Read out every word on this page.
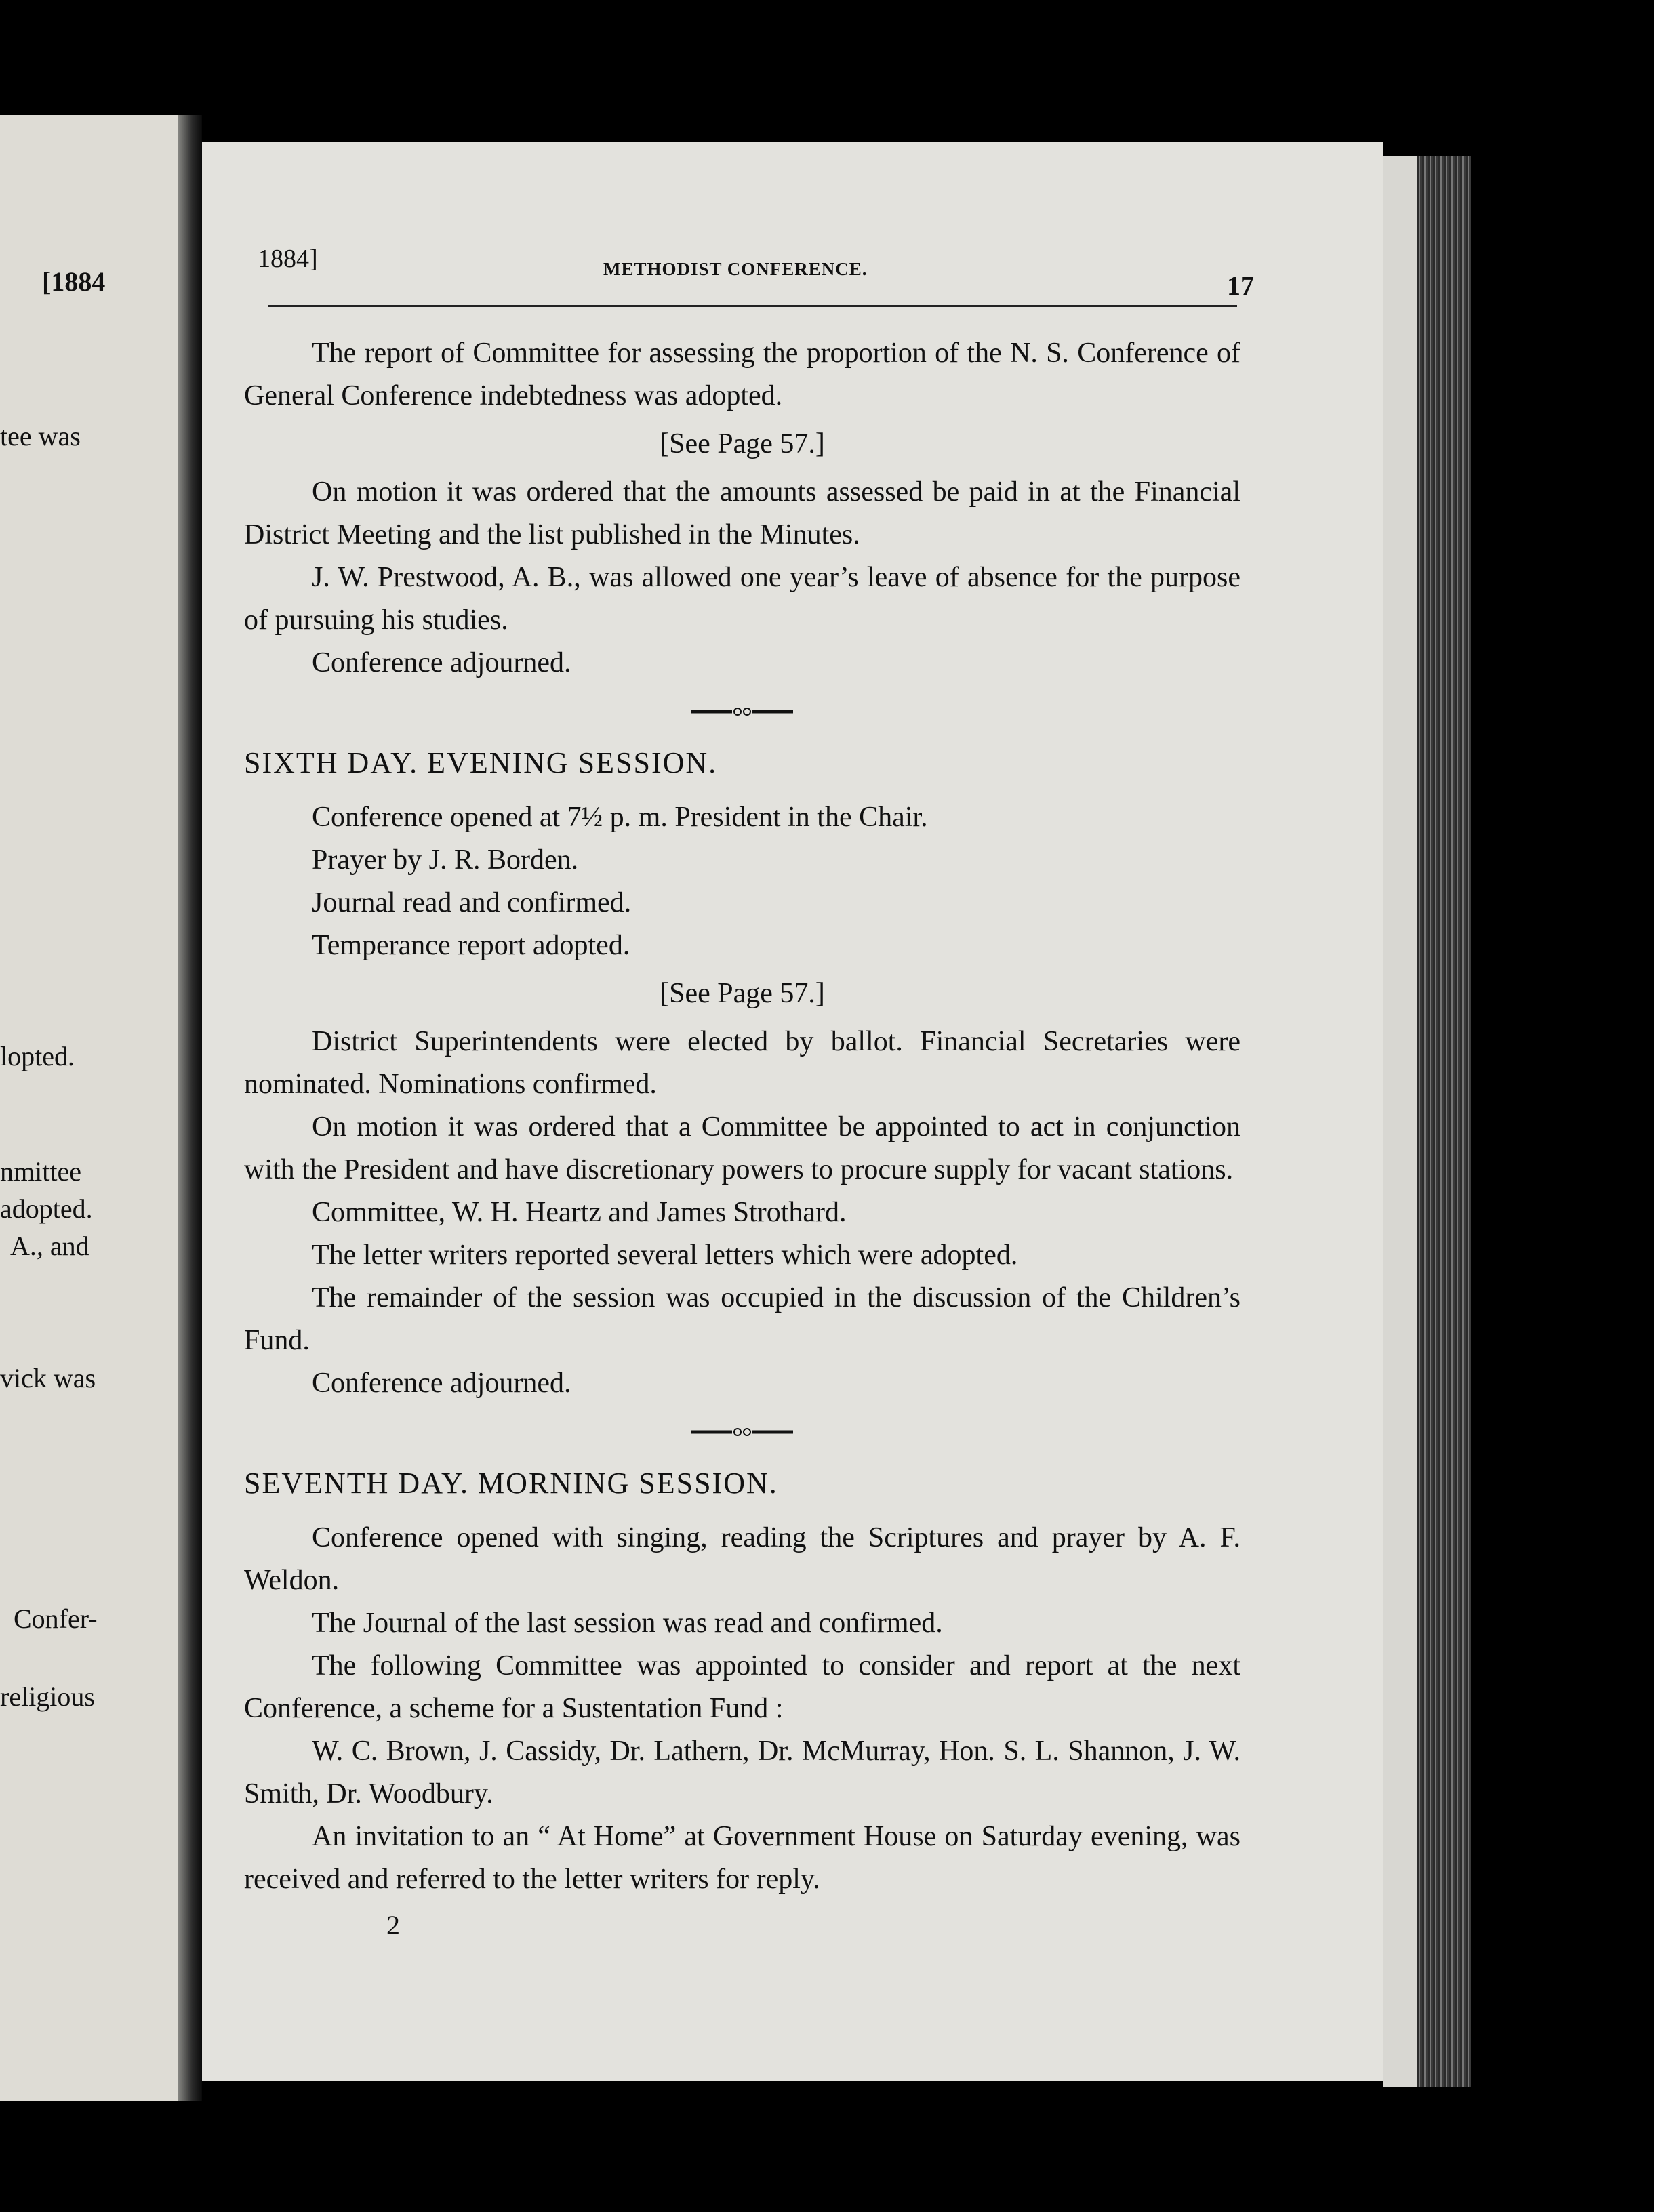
[1884
tee was
lopted.
nmittee
adopted.
A., and
vick was
Confer-
religious
1884]	METHODIST CONFERENCE.
17

The report of Committee for assessing the proportion of the N. S. Conference of General Conference indebtedness was adopted.

[See Page 57.]

On motion it was ordered that the amounts assessed be paid in at the Financial District Meeting and the list published in the Minutes.

J. W. Prestwood, A. B., was allowed one year’s leave of absence for the purpose of pursuing his studies.

Conference adjourned.

SIXTH DAY. EVENING SESSION.

Conference opened at 7½ p. m. President in the Chair.

Prayer by J. R. Borden.

Journal read and confirmed.

Temperance report adopted.

[See Page 57.]

District Superintendents were elected by ballot. Financial Secretaries were nominated. Nominations confirmed.

On motion it was ordered that a Committee be appointed to act in conjunction with the President and have discretionary powers to procure supply for vacant stations.

Committee, W. H. Heartz and James Strothard.

The letter writers reported several letters which were adopted.

The remainder of the session was occupied in the discussion of the Children’s Fund.

Conference adjourned.

SEVENTH DAY. MORNING SESSION.

Conference opened with singing, reading the Scriptures and prayer by A. F. Weldon.

The Journal of the last session was read and confirmed.

The following Committee was appointed to consider and report at the next Conference, a scheme for a Sustentation Fund :

W. C. Brown, J. Cassidy, Dr. Lathern, Dr. McMurray, Hon. S. L. Shannon, J. W. Smith, Dr. Woodbury.

An invitation to an “ At Home” at Government House on Saturday evening, was received and referred to the letter writers for reply.

2
